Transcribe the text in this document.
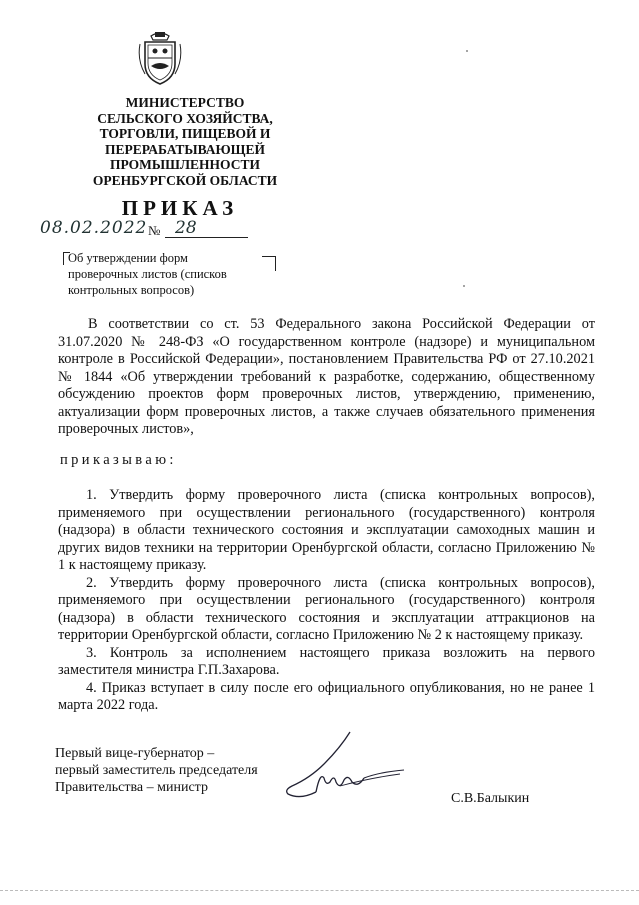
МИНИСТЕРСТВО
СЕЛЬСКОГО ХОЗЯЙСТВА,
ТОРГОВЛИ, ПИЩЕВОЙ И
ПЕРЕРАБАТЫВАЮЩЕЙ
ПРОМЫШЛЕННОСТИ
ОРЕНБУРГСКОЙ ОБЛАСТИ
ПРИКАЗ
08.02.2022 № 28
Об утверждении форм проверочных листов (списков контрольных вопросов)

В соответствии со ст. 53 Федерального закона Российской Федерации от 31.07.2020 № 248-ФЗ «О государственном контроле (надзоре) и муниципальном контроле в Российской Федерации», постановлением Правительства РФ от 27.10.2021 № 1844 «Об утверждении требований к разработке, содержанию, общественному обсуждению проектов форм проверочных листов, утверждению, применению, актуализации форм проверочных листов, а также случаев обязательного применения проверочных листов»,

приказываю:

1. Утвердить форму проверочного листа (списка контрольных вопросов), применяемого при осуществлении регионального (государственного) контроля (надзора) в области технического состояния и эксплуатации самоходных машин и других видов техники на территории Оренбургской области, согласно Приложению № 1 к настоящему приказу.

2. Утвердить форму проверочного листа (списка контрольных вопросов), применяемого при осуществлении регионального (государственного) контроля (надзора) в области технического состояния и эксплуатации аттракционов на территории Оренбургской области, согласно Приложению № 2 к настоящему приказу.

3. Контроль за исполнением настоящего приказа возложить на первого заместителя министра Г.П.Захарова.

4. Приказ вступает в силу после его официального опубликования, но не ранее 1 марта 2022 года.

Первый вице-губернатор –
первый заместитель председателя
Правительства – министр
С.В.Балыкин
